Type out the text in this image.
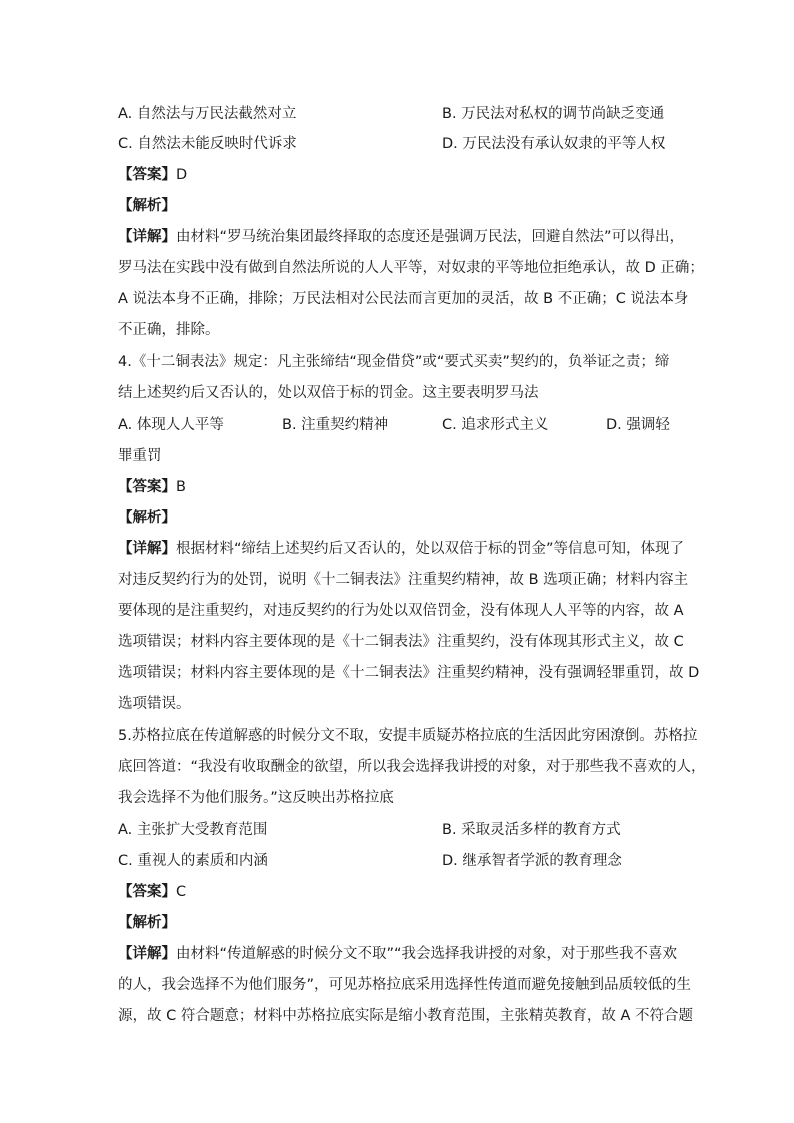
A. 自然法与万民法截然对立	B. 万民法对私权的调节尚缺乏变通
C. 自然法未能反映时代诉求	D. 万民法没有承认奴隶的平等人权
【答案】D
【解析】
【详解】由材料“罗马统治集团最终择取的态度还是强调万民法，回避自然法”可以得出，
罗马法在实践中没有做到自然法所说的人人平等，对奴隶的平等地位拒绝承认，故 D 正确；
A 说法本身不正确，排除；万民法相对公民法而言更加的灵活，故 B 不正确；C 说法本身
不正确，排除。
4.《十二铜表法》规定：凡主张缔结“现金借贷”或“要式买卖”契约的，负举证之责；缔
结上述契约后又否认的，处以双倍于标的罚金。这主要表明罗马法
A. 体现人人平等	B. 注重契约精神	C. 追求形式主义	D. 强调轻
罪重罚
【答案】B
【解析】
【详解】根据材料“缔结上述契约后又否认的，处以双倍于标的罚金”等信息可知，体现了
对违反契约行为的处罚，说明《十二铜表法》注重契约精神，故 B 选项正确；材料内容主
要体现的是注重契约，对违反契约的行为处以双倍罚金，没有体现人人平等的内容，故 A
选项错误；材料内容主要体现的是《十二铜表法》注重契约，没有体现其形式主义，故 C
选项错误；材料内容主要体现的是《十二铜表法》注重契约精神，没有强调轻罪重罚，故 D
选项错误。
5.苏格拉底在传道解惑的时候分文不取，安提丰质疑苏格拉底的生活因此穷困潦倒。苏格拉
底回答道：“我没有收取酬金的欲望，所以我会选择我讲授的对象，对于那些我不喜欢的人，
我会选择不为他们服务。”这反映出苏格拉底
A. 主张扩大受教育范围	B. 采取灵活多样的教育方式
C. 重视人的素质和内涵	D. 继承智者学派的教育理念
【答案】C
【解析】
【详解】由材料“传道解惑的时候分文不取”“我会选择我讲授的对象，对于那些我不喜欢
的人，我会选择不为他们服务”，可见苏格拉底采用选择性传道而避免接触到品质较低的生
源，故 C 符合题意；材料中苏格拉底实际是缩小教育范围，主张精英教育，故 A 不符合题
